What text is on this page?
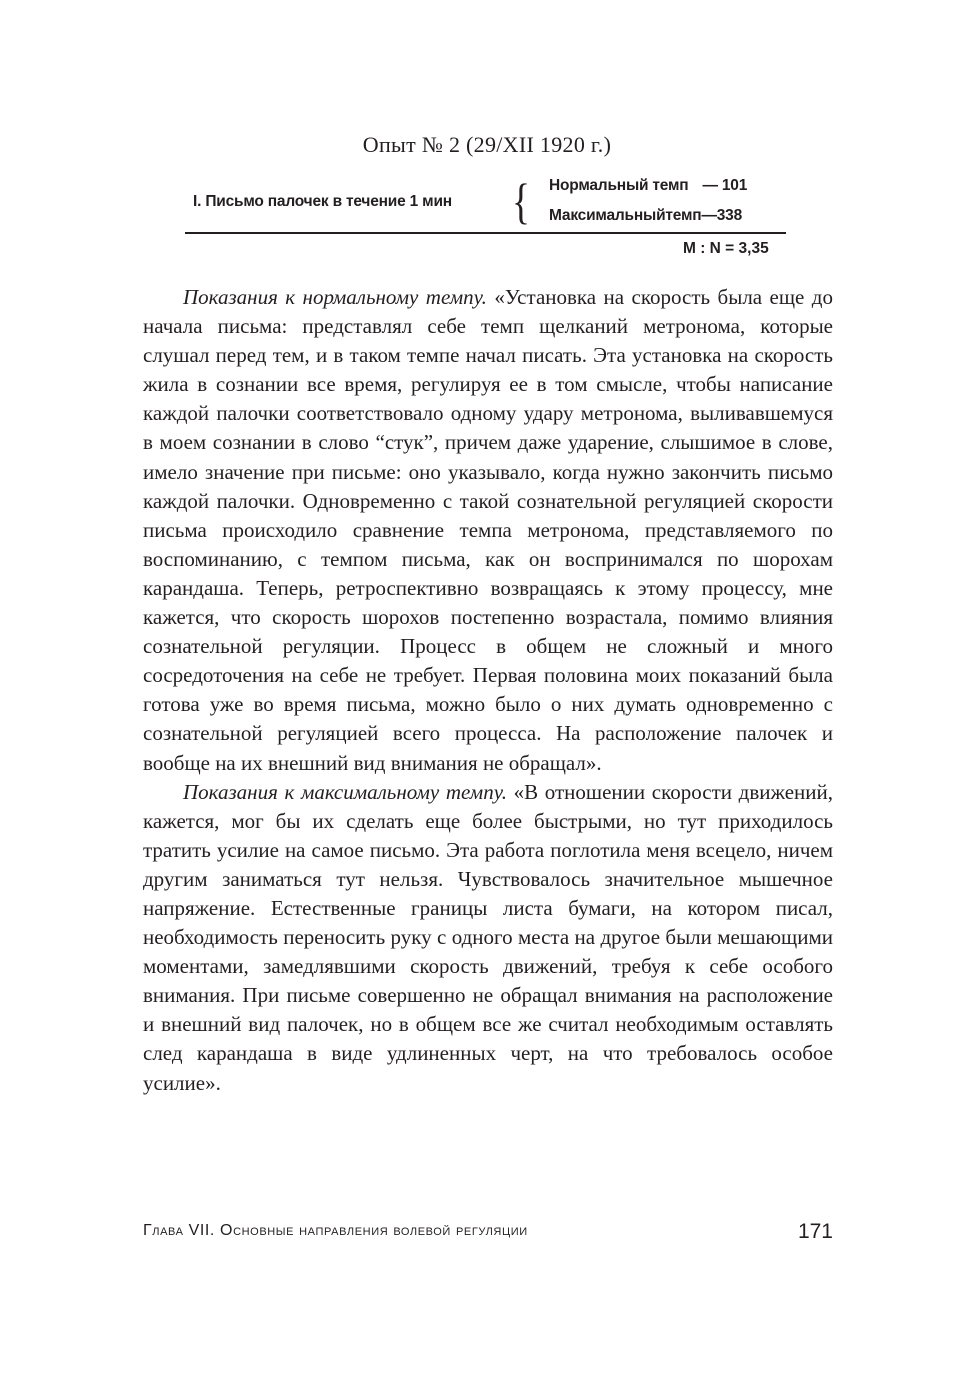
Опыт № 2 (29/XII 1920 г.)
I. Письмо палочек в течение 1 мин { Нормальный темп — 101
Максимальныйтемп—338
M : N = 3,35

Показания к нормальному темпу. «Установка на скорость была еще до начала письма: представлял себе темп щелканий метронома, которые слушал перед тем, и в таком темпе начал писать. Эта установка на скорость жила в сознании все время, регулируя ее в том смысле, чтобы написание каждой палочки соответствовало одному удару метронома, выливавшемуся в моем сознании в слово “стук”, причем даже ударение, слышимое в слове, имело значение при письме: оно указывало, когда нужно закончить письмо каждой палочки. Одновременно с такой сознательной регуляцией скорости письма происходило сравнение темпа метронома, представляемого по воспоминанию, с темпом письма, как он воспринимался по шорохам карандаша. Теперь, ретроспективно возвращаясь к этому процессу, мне кажется, что скорость шорохов постепенно возрастала, помимо влияния сознательной регуляции. Процесс в общем не сложный и много сосредоточения на себе не требует. Первая половина моих показаний была готова уже во время письма, можно было о них думать одновременно с сознательной регуляцией всего процесса. На расположение палочек и вообще на их внешний вид внимания не обращал».

Показания к максимальному темпу. «В отношении скорости движений, кажется, мог бы их сделать еще более быстрыми, но тут приходилось тратить усилие на самое письмо. Эта работа поглотила меня всецело, ничем другим заниматься тут нельзя. Чувствовалось значительное мышечное напряжение. Естественные границы листа бумаги, на котором писал, необходимость переносить руку с одного места на другое были мешающими моментами, замедлявшими скорость движений, требуя к себе особого внимания. При письме совершенно не обращал внимания на расположение и внешний вид палочек, но в общем все же считал необходимым оставлять след карандаша в виде удлиненных черт, на что требовалось особое усилие».

Глава VII. Основные направления волевой регуляции	171
